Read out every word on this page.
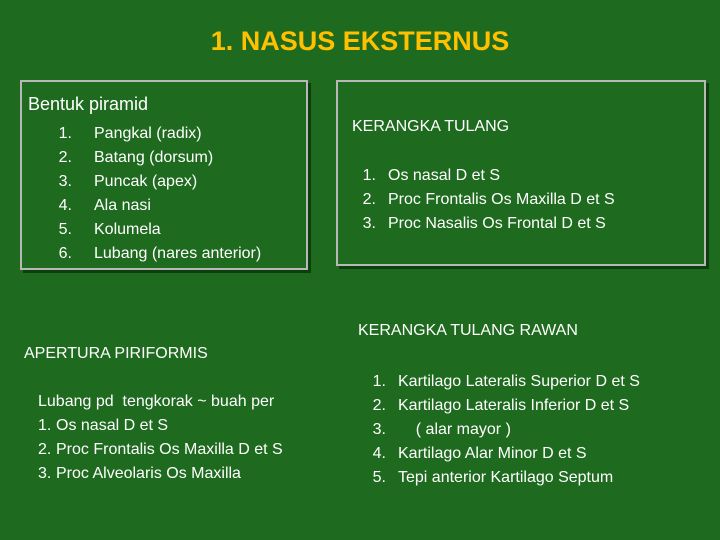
1. NASUS EKSTERNUS
Bentuk piramid
1. Pangkal (radix)
2. Batang (dorsum)
3. Puncak (apex)
4. Ala nasi
5. Kolumela
6. Lubang (nares anterior)
KERANGKA TULANG
1. Os nasal D et S
2. Proc Frontalis Os Maxilla D et S
3. Proc Nasalis Os Frontal D et S
APERTURA PIRIFORMIS
Lubang pd  tengkorak ~ buah per
1. Os nasal D et S
2. Proc Frontalis Os Maxilla D et S
3. Proc Alveolaris Os Maxilla
KERANGKA TULANG RAWAN
1. Kartilago Lateralis Superior D et S
2. Kartilago Lateralis Inferior D et S
3. ( alar mayor )
4. Kartilago Alar Minor D et S
5. Tepi anterior Kartilago Septum
